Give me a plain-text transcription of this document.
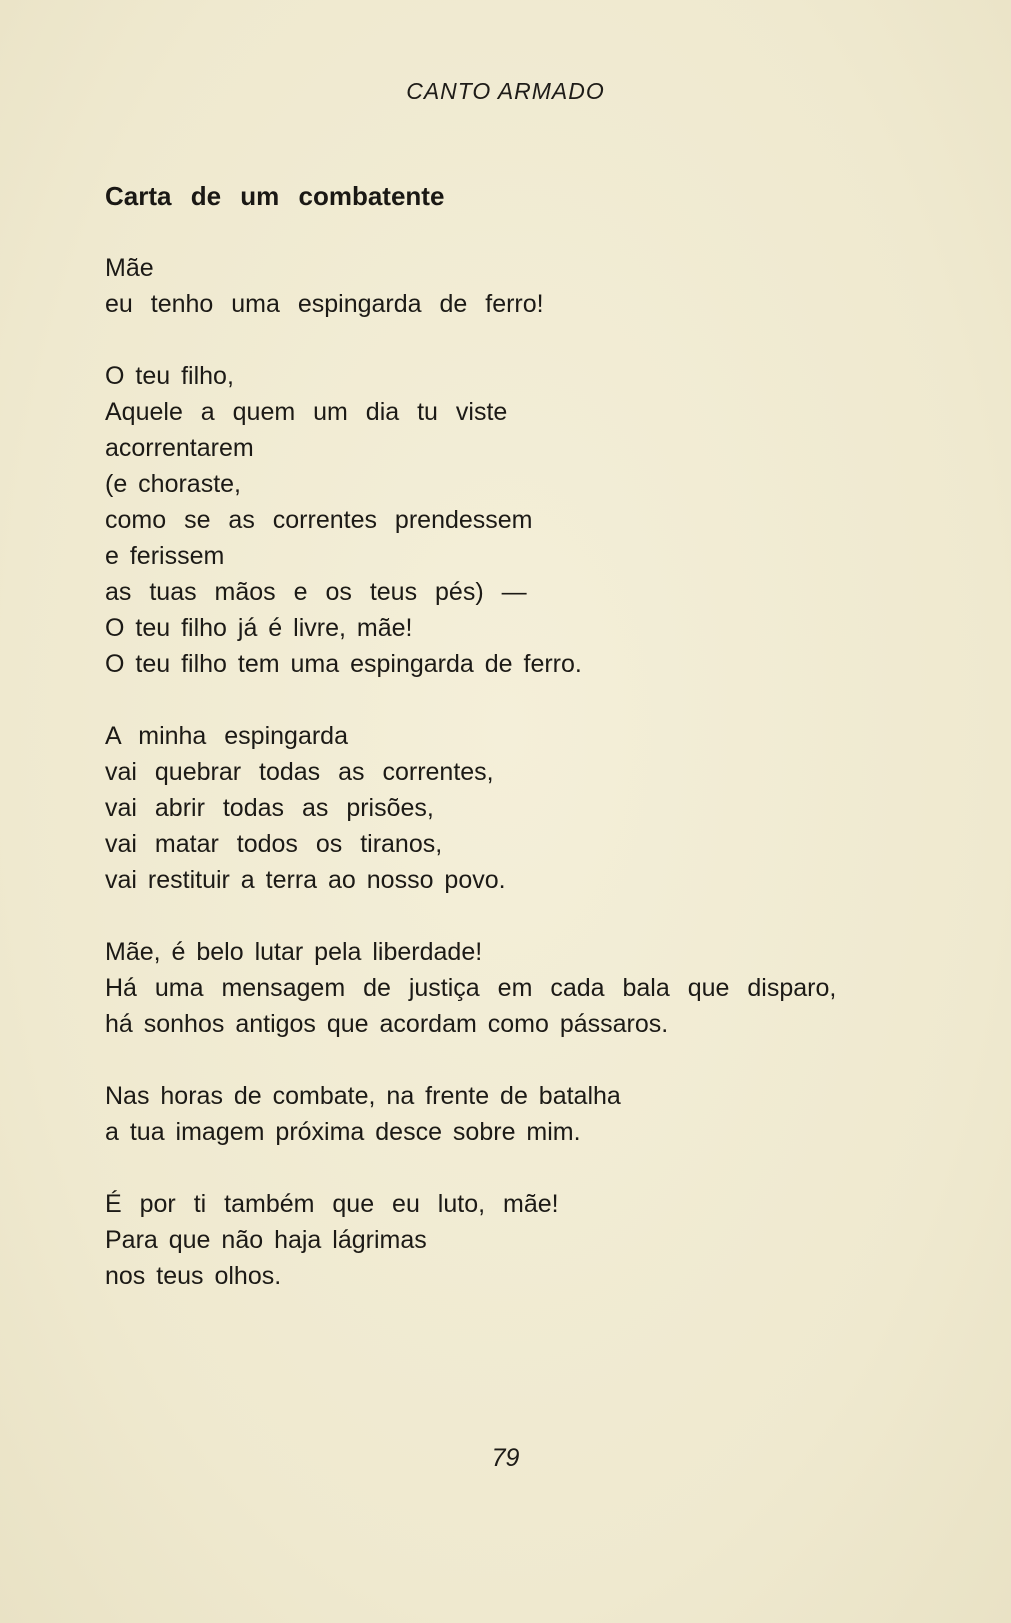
CANTO ARMADO
Carta de um combatente
Mãe
eu tenho uma espingarda de ferro!
O teu filho,
Aquele a quem um dia tu viste
acorrentarem
(e choraste,
como se as correntes prendessem
e ferissem
as tuas mãos e os teus pés) —
O teu filho já é livre, mãe!
O teu filho tem uma espingarda de ferro.
A minha espingarda
vai quebrar todas as correntes,
vai abrir todas as prisões,
vai matar todos os tiranos,
vai restituir a terra ao nosso povo.
Mãe, é belo lutar pela liberdade!
Há uma mensagem de justiça em cada bala que disparo,
há sonhos antigos que acordam como pássaros.
Nas horas de combate, na frente de batalha
a tua imagem próxima desce sobre mim.
É por ti também que eu luto, mãe!
Para que não haja lágrimas
nos teus olhos.
79
